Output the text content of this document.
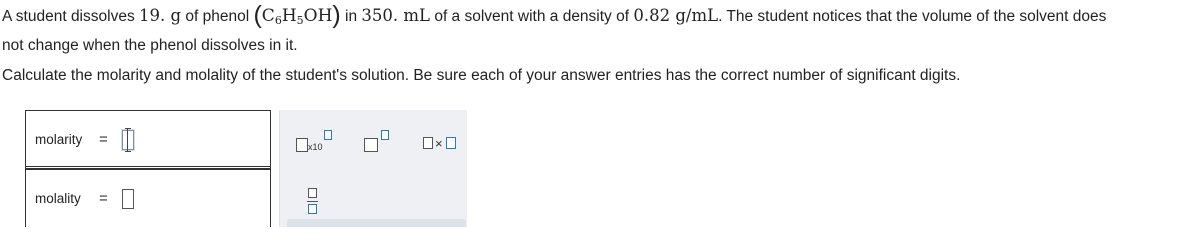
A student dissolves 19. g of phenol $(C_6H_5OH)$ in 350. mL of a solvent with a density of 0.82 g/mL. The student notices that the volume of the solvent does
not change when the phenol dissolves in it.
Calculate the molarity and molality of the student's solution. Be sure each of your answer entries has the correct number of significant digits.
molarity =
molality =
x10	×
